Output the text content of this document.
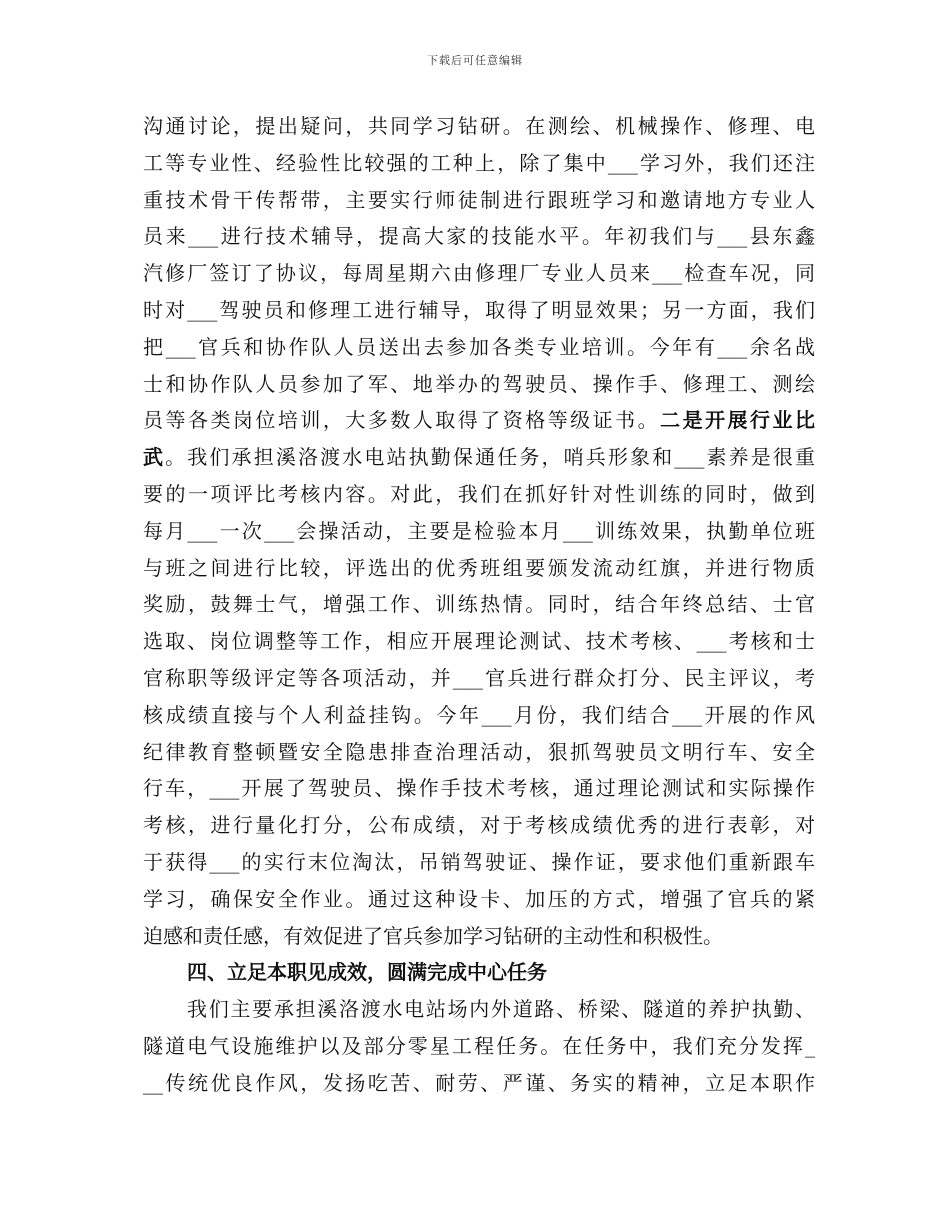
下载后可任意编辑
沟通讨论，提出疑问，共同学习钻研。在测绘、机械操作、修理、电
工等专业性、经验性比较强的工种上，除了集中___学习外，我们还注
重技术骨干传帮带，主要实行师徒制进行跟班学习和邀请地方专业人
员来___进行技术辅导，提高大家的技能水平。年初我们与___县东鑫
汽修厂签订了协议，每周星期六由修理厂专业人员来___检查车况，同
时对___驾驶员和修理工进行辅导，取得了明显效果；另一方面，我们
把___官兵和协作队人员送出去参加各类专业培训。今年有___余名战
士和协作队人员参加了军、地举办的驾驶员、操作手、修理工、测绘
员等各类岗位培训，大多数人取得了资格等级证书。二是开展行业比
武。我们承担溪洛渡水电站执勤保通任务，哨兵形象和___素养是很重
要的一项评比考核内容。对此，我们在抓好针对性训练的同时，做到
每月___一次___会操活动，主要是检验本月___训练效果，执勤单位班
与班之间进行比较，评选出的优秀班组要颁发流动红旗，并进行物质
奖励，鼓舞士气，增强工作、训练热情。同时，结合年终总结、士官
选取、岗位调整等工作，相应开展理论测试、技术考核、___考核和士
官称职等级评定等各项活动，并___官兵进行群众打分、民主评议，考
核成绩直接与个人利益挂钩。今年___月份，我们结合___开展的作风
纪律教育整顿暨安全隐患排查治理活动，狠抓驾驶员文明行车、安全
行车，___开展了驾驶员、操作手技术考核，通过理论测试和实际操作
考核，进行量化打分，公布成绩，对于考核成绩优秀的进行表彰，对
于获得___的实行末位淘汰，吊销驾驶证、操作证，要求他们重新跟车
学习，确保安全作业。通过这种设卡、加压的方式，增强了官兵的紧
迫感和责任感，有效促进了官兵参加学习钻研的主动性和积极性。
四、立足本职见成效，圆满完成中心任务
我们主要承担溪洛渡水电站场内外道路、桥梁、隧道的养护执勤、
隧道电气设施维护以及部分零星工程任务。在任务中，我们充分发挥_
__传统优良作风，发扬吃苦、耐劳、严谨、务实的精神，立足本职作
